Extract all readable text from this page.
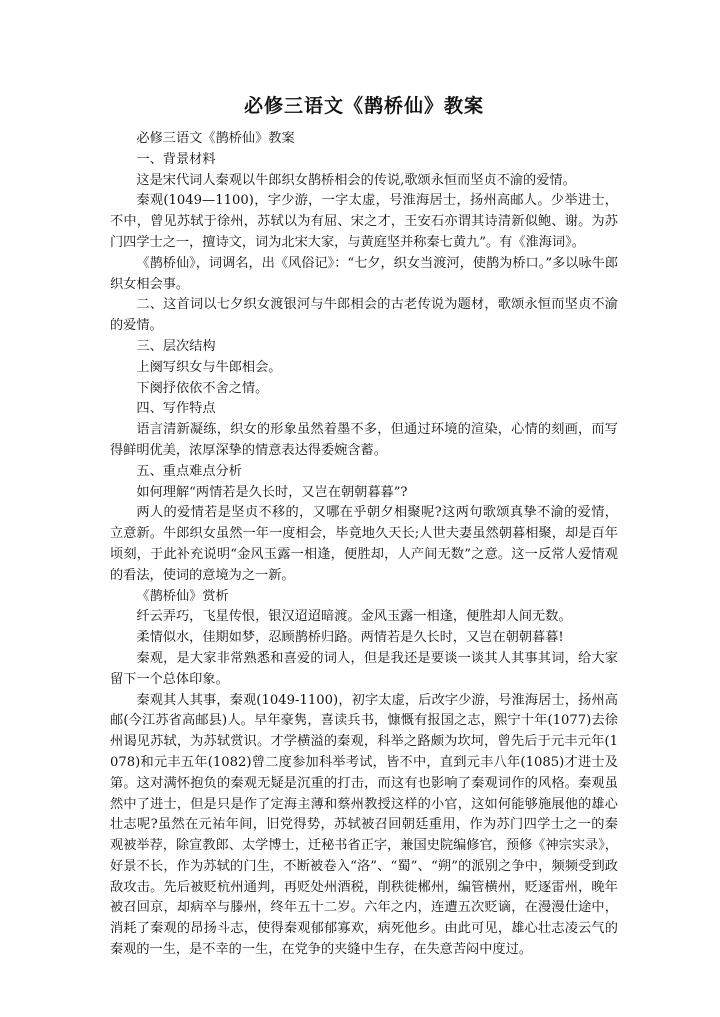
必修三语文《鹊桥仙》教案

必修三语文《鹊桥仙》教案

一、背景材料

这是宋代词人秦观以牛郎织女鹊桥相会的传说,歌颂永恒而坚贞不渝的爱情。

秦观(1049—1100)，字少游，一字太虚，号淮海居士，扬州高邮人。少举进士，不中，曾见苏轼于徐州，苏轼以为有屈、宋之才，王安石亦谓其诗清新似鲍、谢。为苏门四学士之一，擅诗文，词为北宋大家，与黄庭坚并称秦七黄九”。有《淮海词》。

《鹊桥仙》，词调名，出《风俗记》：“七夕，织女当渡河，使鹊为桥口。”多以咏牛郎织女相会事。

二、这首词以七夕织女渡银河与牛郎相会的古老传说为题材，歌颂永恒而坚贞不渝的爱情。

三、层次结构

上阕写织女与牛郎相会。

下阕抒依依不舍之情。

四、写作特点

语言清新凝练，织女的形象虽然着墨不多，但通过环境的渲染，心情的刻画，而写得鲜明优美，浓厚深挚的情意表达得委婉含蓄。

五、重点难点分析

如何理解“两情若是久长时，又岂在朝朝暮暮”?

两人的爱情若是坚贞不移的，又哪在乎朝夕相聚呢?这两句歌颂真挚不渝的爱情，立意新。牛郎织女虽然一年一度相会，毕竟地久天长;人世夫妻虽然朝暮相聚，却是百年顷刻，于此补充说明“金风玉露一相逢，便胜却，人产间无数”之意。这一反常人爱情观的看法，使词的意境为之一新。

《鹊桥仙》赏析

纤云弄巧，飞星传恨，银汉迢迢暗渡。金风玉露一相逢，便胜却人间无数。

柔情似水，佳期如梦，忍顾鹊桥归路。两情若是久长时，又岂在朝朝暮暮!

秦观，是大家非常熟悉和喜爱的词人，但是我还是要谈一谈其人其事其词，给大家留下一个总体印象。

秦观其人其事，秦观(1049-1100)，初字太虚，后改字少游，号淮海居士，扬州高邮(今江苏省高邮县)人。早年豪隽，喜读兵书，慷慨有报国之志，熙宁十年(1077)去徐州谒见苏轼，为苏轼赏识。才学横溢的秦观，科举之路颇为坎坷，曾先后于元丰元年(1078)和元丰五年(1082)曾二度参加科举考试，皆不中，直到元丰八年(1085)才进士及第。这对满怀抱负的秦观无疑是沉重的打击，而这有也影响了秦观词作的风格。秦观虽然中了进士，但是只是作了定海主薄和蔡州教授这样的小官，这如何能够施展他的雄心壮志呢?虽然在元祐年间，旧党得势，苏轼被召回朝廷重用，作为苏门四学士之一的秦观被举荐，除宣教郎、太学博士，迁秘书省正字，兼国史院编修官，预修《神宗实录》，好景不长，作为苏轼的门生，不断被卷入“洛”、“蜀”、“朔”的派别之争中，频频受到政敌攻击。先后被贬杭州通判，再贬处州酒税，削秩徙郴州，编管横州，贬逐雷州，晚年被召回京，却病卒与滕州，终年五十二岁。六年之内，连遭五次贬谪，在漫漫仕途中，消耗了秦观的昂扬斗志，使得秦观郁郁寡欢，病死他乡。由此可见，雄心壮志凌云气的秦观的一生，是不幸的一生，在党争的夹缝中生存，在失意苦闷中度过。
